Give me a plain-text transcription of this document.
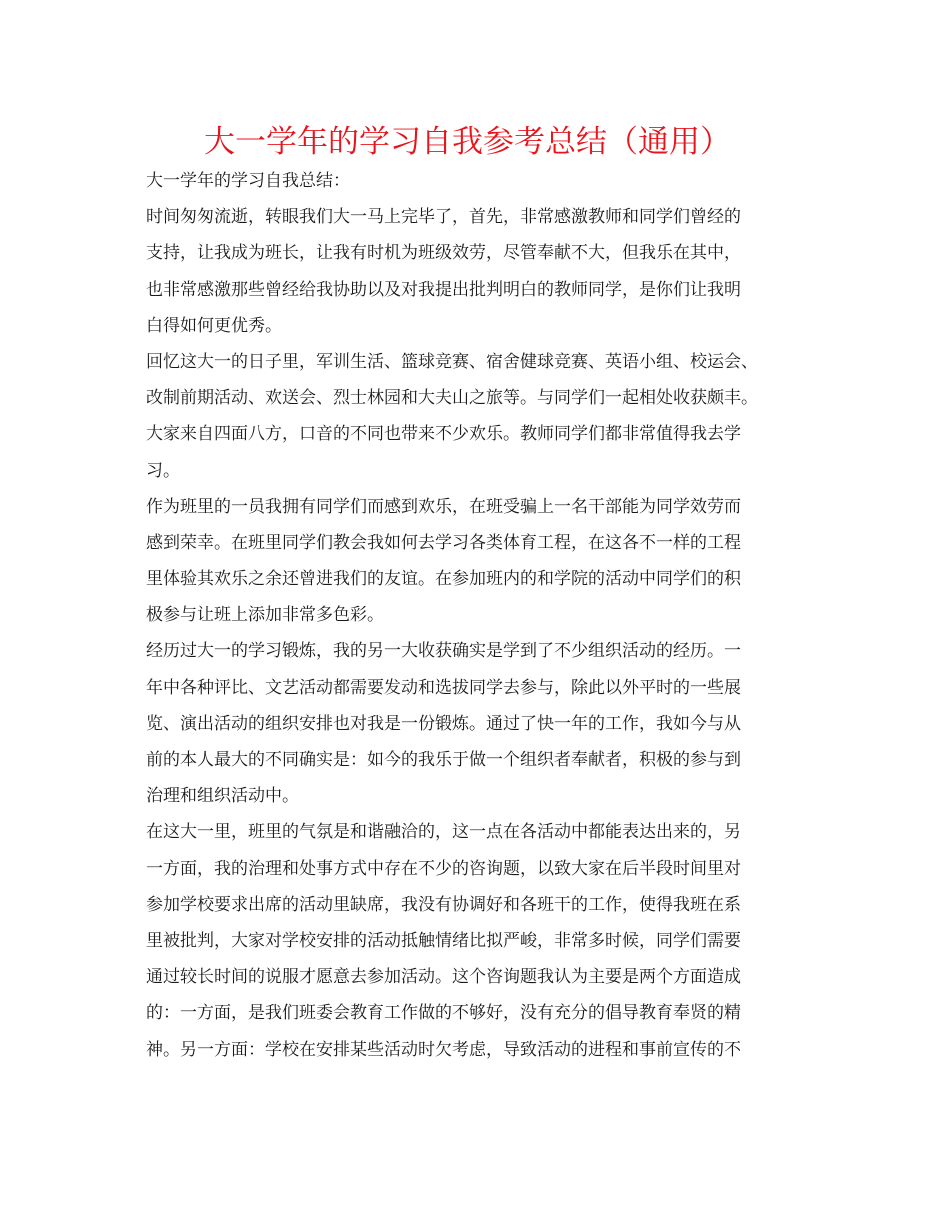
大一学年的学习自我参考总结（通用）
大一学年的学习自我总结：
时间匆匆流逝，转眼我们大一马上完毕了，首先，非常感激教师和同学们曾经的
支持，让我成为班长，让我有时机为班级效劳，尽管奉献不大，但我乐在其中，
也非常感激那些曾经给我协助以及对我提出批判明白的教师同学，是你们让我明
白得如何更优秀。
回忆这大一的日子里，军训生活、篮球竞赛、宿舍健球竞赛、英语小组、校运会、
改制前期活动、欢送会、烈士林园和大夫山之旅等。与同学们一起相处收获颇丰。
大家来自四面八方，口音的不同也带来不少欢乐。教师同学们都非常值得我去学
习。
作为班里的一员我拥有同学们而感到欢乐，在班受骗上一名干部能为同学效劳而
感到荣幸。在班里同学们教会我如何去学习各类体育工程，在这各不一样的工程
里体验其欢乐之余还曾进我们的友谊。在参加班内的和学院的活动中同学们的积
极参与让班上添加非常多色彩。
经历过大一的学习锻炼，我的另一大收获确实是学到了不少组织活动的经历。一
年中各种评比、文艺活动都需要发动和选拔同学去参与，除此以外平时的一些展
览、演出活动的组织安排也对我是一份锻炼。通过了快一年的工作，我如今与从
前的本人最大的不同确实是：如今的我乐于做一个组织者奉献者，积极的参与到
治理和组织活动中。
在这大一里，班里的气氛是和谐融洽的，这一点在各活动中都能表达出来的，另
一方面，我的治理和处事方式中存在不少的咨询题，以致大家在后半段时间里对
参加学校要求出席的活动里缺席，我没有协调好和各班干的工作，使得我班在系
里被批判，大家对学校安排的活动抵触情绪比拟严峻，非常多时候，同学们需要
通过较长时间的说服才愿意去参加活动。这个咨询题我认为主要是两个方面造成
的：一方面，是我们班委会教育工作做的不够好，没有充分的倡导教育奉贤的精
神。另一方面：学校在安排某些活动时欠考虑，导致活动的进程和事前宣传的不
